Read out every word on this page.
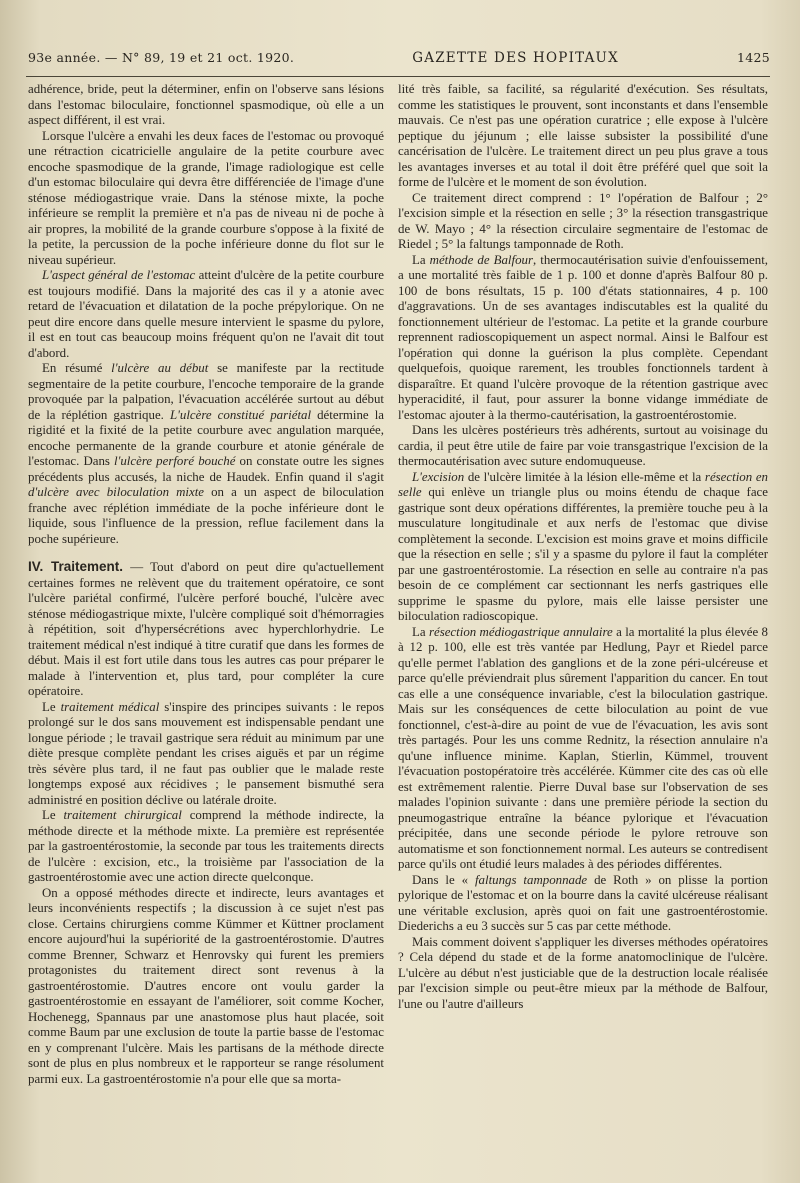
93e année. — N° 89, 19 et 21 oct. 1920.	GAZETTE DES HOPITAUX	1425

adhérence, bride, peut la déterminer, enfin on l'observe sans lésions dans l'estomac biloculaire, fonctionnel spasmodique, où elle a un aspect différent, il est vrai.

Lorsque l'ulcère a envahi les deux faces de l'estomac ou provoqué une rétraction cicatricielle angulaire de la petite courbure avec encoche spasmodique de la grande, l'image radiologique est celle d'un estomac biloculaire qui devra être différenciée de l'image d'une sténose médiogastrique vraie. Dans la sténose mixte, la poche inférieure se remplit la première et n'a pas de niveau ni de poche à air propres, la mobilité de la grande courbure s'oppose à la fixité de la petite, la percussion de la poche inférieure donne du flot sur le niveau supérieur.

L'aspect général de l'estomac atteint d'ulcère de la petite courbure est toujours modifié. Dans la majorité des cas il y a atonie avec retard de l'évacuation et dilatation de la poche prépylorique. On ne peut dire encore dans quelle mesure intervient le spasme du pylore, il est en tout cas beaucoup moins fréquent qu'on ne l'avait dit tout d'abord.

En résumé l'ulcère au début se manifeste par la rectitude segmentaire de la petite courbure, l'encoche temporaire de la grande provoquée par la palpation, l'évacuation accélérée surtout au début de la réplétion gastrique. L'ulcère constitué pariétal détermine la rigidité et la fixité de la petite courbure avec angulation marquée, encoche permanente de la grande courbure et atonie générale de l'estomac. Dans l'ulcère perforé bouché on constate outre les signes précédents plus accusés, la niche de Haudek. Enfin quand il s'agit d'ulcère avec biloculation mixte on a un aspect de biloculation franche avec réplétion immédiate de la poche inférieure dont le liquide, sous l'influence de la pression, reflue facilement dans la poche supérieure.

IV. Traitement. — Tout d'abord on peut dire qu'actuellement certaines formes ne relèvent que du traitement opératoire, ce sont l'ulcère pariétal confirmé, l'ulcère perforé bouché, l'ulcère avec sténose médiogastrique mixte, l'ulcère compliqué soit d'hémorragies à répétition, soit d'hypersécrétions avec hyperchlorhydrie. Le traitement médical n'est indiqué à titre curatif que dans les formes de début. Mais il est fort utile dans tous les autres cas pour préparer le malade à l'intervention et, plus tard, pour compléter la cure opératoire.

Le traitement médical s'inspire des principes suivants : le repos prolongé sur le dos sans mouvement est indispensable pendant une longue période ; le travail gastrique sera réduit au minimum par une diète presque complète pendant les crises aiguës et par un régime très sévère plus tard, il ne faut pas oublier que le malade reste longtemps exposé aux récidives ; le pansement bismuthé sera administré en position déclive ou latérale droite.

Le traitement chirurgical comprend la méthode indirecte, la méthode directe et la méthode mixte. La première est représentée par la gastroentérostomie, la seconde par tous les traitements directs de l'ulcère : excision, etc., la troisième par l'association de la gastroentérostomie avec une action directe quelconque.

On a opposé méthodes directe et indirecte, leurs avantages et leurs inconvénients respectifs ; la discussion à ce sujet n'est pas close. Certains chirurgiens comme Kümmer et Küttner proclament encore aujourd'hui la supériorité de la gastroentérostomie. D'autres comme Brenner, Schwarz et Henrovsky qui furent les premiers protagonistes du traitement direct sont revenus à la gastroentérostomie. D'autres encore ont voulu garder la gastroentérostomie en essayant de l'améliorer, soit comme Kocher, Hochenegg, Spannaus par une anastomose plus haut placée, soit comme Baum par une exclusion de toute la partie basse de l'estomac en y comprenant l'ulcère. Mais les partisans de la méthode directe sont de plus en plus nombreux et le rapporteur se range résolument parmi eux. La gastroentérostomie n'a pour elle que sa morta-

lité très faible, sa facilité, sa régularité d'exécution. Ses résultats, comme les statistiques le prouvent, sont inconstants et dans l'ensemble mauvais. Ce n'est pas une opération curatrice ; elle expose à l'ulcère peptique du jéjunum ; elle laisse subsister la possibilité d'une cancérisation de l'ulcère. Le traitement direct un peu plus grave a tous les avantages inverses et au total il doit être préféré quel que soit la forme de l'ulcère et le moment de son évolution.

Ce traitement direct comprend : 1° l'opération de Balfour ; 2° l'excision simple et la résection en selle ; 3° la résection transgastrique de W. Mayo ; 4° la résection circulaire segmentaire de l'estomac de Riedel ; 5° la faltungs tamponnade de Roth.

La méthode de Balfour, thermocautérisation suivie d'enfouissement, a une mortalité très faible de 1 p. 100 et donne d'après Balfour 80 p. 100 de bons résultats, 15 p. 100 d'états stationnaires, 4 p. 100 d'aggravations. Un de ses avantages indiscutables est la qualité du fonctionnement ultérieur de l'estomac. La petite et la grande courbure reprennent radioscopiquement un aspect normal. Ainsi le Balfour est l'opération qui donne la guérison la plus complète. Cependant quelquefois, quoique rarement, les troubles fonctionnels tardent à disparaître. Et quand l'ulcère provoque de la rétention gastrique avec hyperacidité, il faut, pour assurer la bonne vidange immédiate de l'estomac ajouter à la thermo-cautérisation, la gastroentérostomie.

Dans les ulcères postérieurs très adhérents, surtout au voisinage du cardia, il peut être utile de faire par voie transgastrique l'excision de la thermocautérisation avec suture endomuqueuse.

L'excision de l'ulcère limitée à la lésion elle-même et la résection en selle qui enlève un triangle plus ou moins étendu de chaque face gastrique sont deux opérations différentes, la première touche peu à la musculature longitudinale et aux nerfs de l'estomac que divise complètement la seconde. L'excision est moins grave et moins difficile que la résection en selle ; s'il y a spasme du pylore il faut la compléter par une gastroentérostomie. La résection en selle au contraire n'a pas besoin de ce complément car sectionnant les nerfs gastriques elle supprime le spasme du pylore, mais elle laisse persister une biloculation radioscopique.

La résection médiogastrique annulaire a la mortalité la plus élevée 8 à 12 p. 100, elle est très vantée par Hedlung, Payr et Riedel parce qu'elle permet l'ablation des ganglions et de la zone péri-ulcéreuse et parce qu'elle préviendrait plus sûrement l'apparition du cancer. En tout cas elle a une conséquence invariable, c'est la biloculation gastrique. Mais sur les conséquences de cette biloculation au point de vue fonctionnel, c'est-à-dire au point de vue de l'évacuation, les avis sont très partagés. Pour les uns comme Rednitz, la résection annulaire n'a qu'une influence minime. Kaplan, Stierlin, Kümmel, trouvent l'évacuation postopératoire très accélérée. Kümmer cite des cas où elle est extrêmement ralentie. Pierre Duval base sur l'observation de ses malades l'opinion suivante : dans une première période la section du pneumogastrique entraîne la béance pylorique et l'évacuation précipitée, dans une seconde période le pylore retrouve son automatisme et son fonctionnement normal. Les auteurs se contredisent parce qu'ils ont étudié leurs malades à des périodes différentes.

Dans le « faltungs tamponnade de Roth » on plisse la portion pylorique de l'estomac et on la bourre dans la cavité ulcéreuse réalisant une véritable exclusion, après quoi on fait une gastroentérostomie. Diederichs a eu 3 succès sur 5 cas par cette méthode.

Mais comment doivent s'appliquer les diverses méthodes opératoires ? Cela dépend du stade et de la forme anatomoclinique de l'ulcère. L'ulcère au début n'est justiciable que de la destruction locale réalisée par l'excision simple ou peut-être mieux par la méthode de Balfour, l'une ou l'autre d'ailleurs
